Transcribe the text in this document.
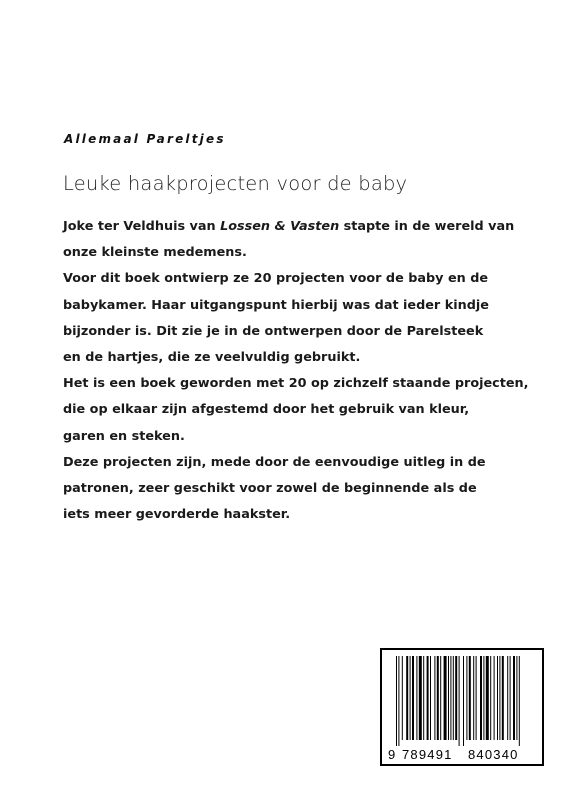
Allemaal Pareltjes
Leuke haakprojecten voor de baby
Joke ter Veldhuis van Lossen & Vasten stapte in de wereld van
onze kleinste medemens.
Voor dit boek ontwierp ze 20 projecten voor de baby en de
babykamer. Haar uitgangspunt hierbij was dat ieder kindje
bijzonder is. Dit zie je in de ontwerpen door de Parelsteek
en de hartjes, die ze veelvuldig gebruikt.
Het is een boek geworden met 20 op zichzelf staande projecten,
die op elkaar zijn afgestemd door het gebruik van kleur,
garen en steken.
Deze projecten zijn, mede door de eenvoudige uitleg in de
patronen, zeer geschikt voor zowel de beginnende als de
iets meer gevorderde haakster.
9 789491 840340
